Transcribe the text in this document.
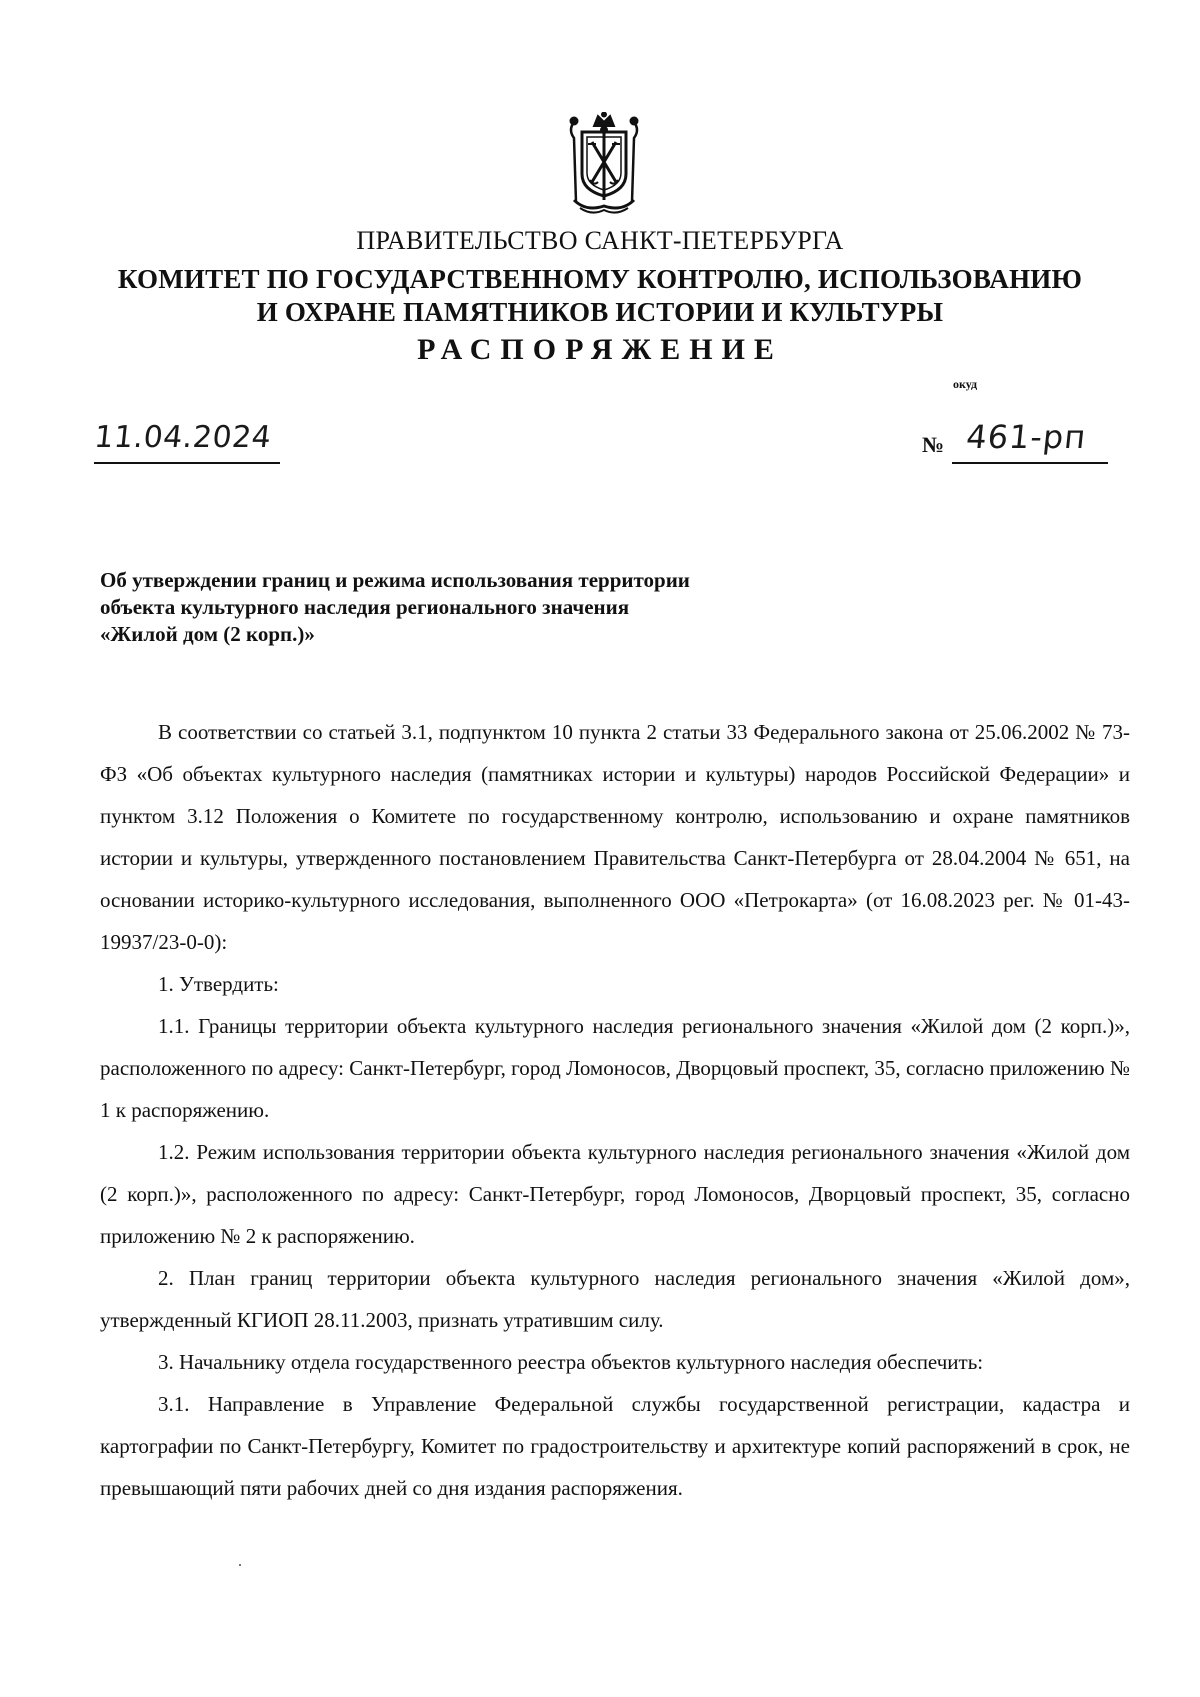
ПРАВИТЕЛЬСТВО САНКТ-ПЕТЕРБУРГА
КОМИТЕТ ПО ГОСУДАРСТВЕННОМУ КОНТРОЛЮ, ИСПОЛЬЗОВАНИЮ
И ОХРАНЕ ПАМЯТНИКОВ ИСТОРИИ И КУЛЬТУРЫ
РАСПОРЯЖЕНИЕ
окуд
11.04.2024	№ 461-рп
Об утверждении границ и режима использования территории
объекта культурного наследия регионального значения
«Жилой дом (2 корп.)»

В соответствии со статьей 3.1, подпунктом 10 пункта 2 статьи 33 Федерального закона от 25.06.2002 № 73-ФЗ «Об объектах культурного наследия (памятниках истории и культуры) народов Российской Федерации» и пунктом 3.12 Положения о Комитете по государственному контролю, использованию и охране памятников истории и культуры, утвержденного постановлением Правительства Санкт-Петербурга от 28.04.2004 № 651, на основании историко-культурного исследования, выполненного ООО «Петрокарта» (от 16.08.2023 рег. № 01-43-19937/23-0-0):

1. Утвердить:

1.1. Границы территории объекта культурного наследия регионального значения «Жилой дом (2 корп.)», расположенного по адресу: Санкт-Петербург, город Ломоносов, Дворцовый проспект, 35, согласно приложению № 1 к распоряжению.

1.2. Режим использования территории объекта культурного наследия регионального значения «Жилой дом (2 корп.)», расположенного по адресу: Санкт-Петербург, город Ломоносов, Дворцовый проспект, 35, согласно приложению № 2 к распоряжению.

2. План границ территории объекта культурного наследия регионального значения «Жилой дом», утвержденный КГИОП 28.11.2003, признать утратившим силу.

3. Начальнику отдела государственного реестра объектов культурного наследия обеспечить:

3.1. Направление в Управление Федеральной службы государственной регистрации, кадастра и картографии по Санкт-Петербургу, Комитет по градостроительству и архитектуре копий распоряжений в срок, не превышающий пяти рабочих дней со дня издания распоряжения.
